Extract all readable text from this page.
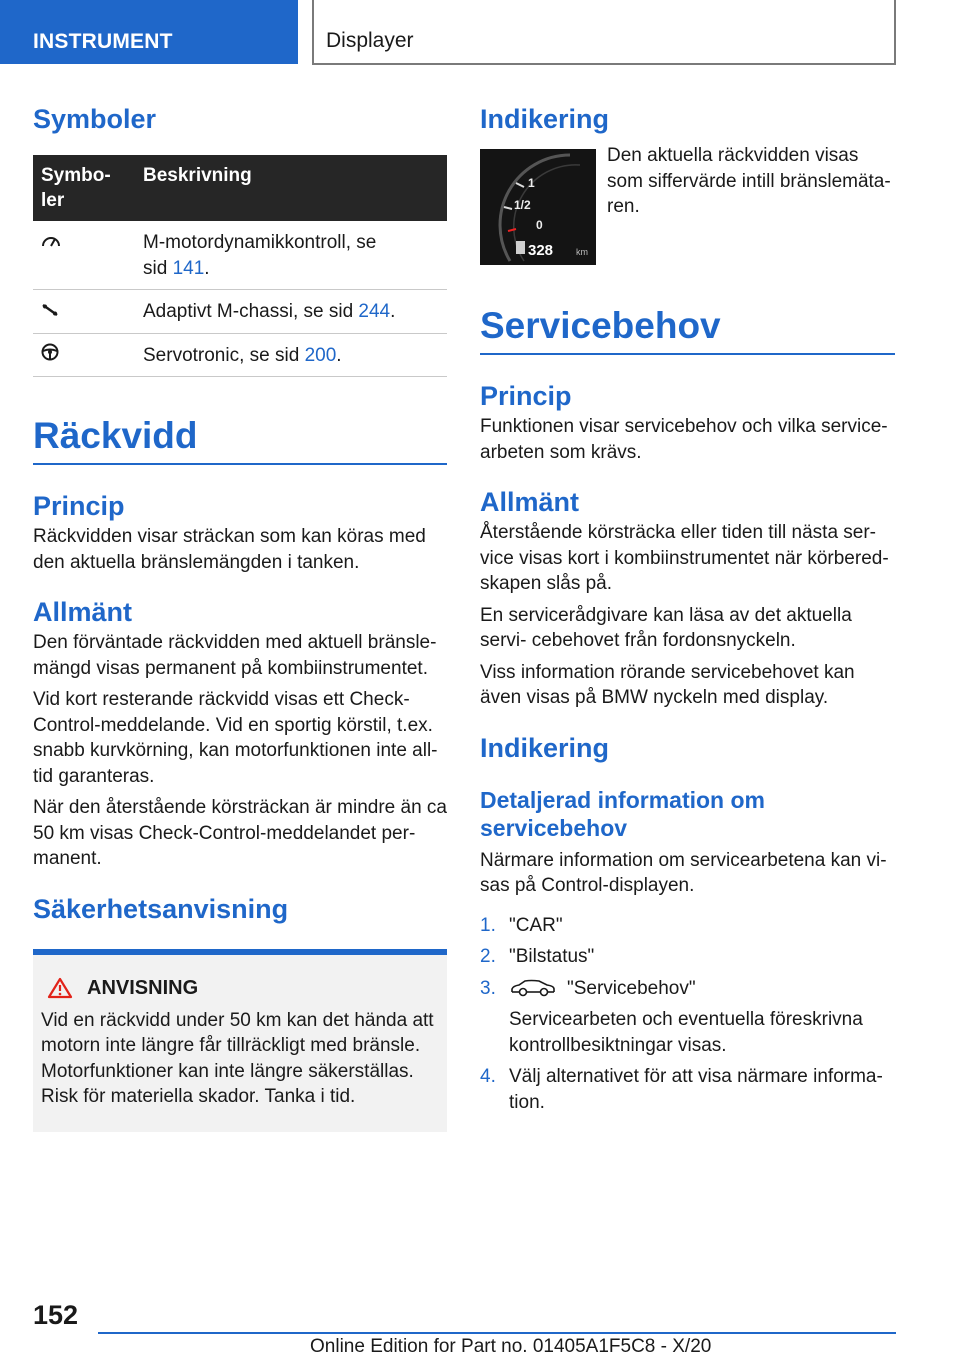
INSTRUMENT	Displayer
Symboler
Symbo‐
ler	Beskrivning
	M-motordynamikkontroll, se
sid 141.
	Adaptivt M-chassi, se sid 244.
	Servotronic, se sid 200.
Räckvidd
Princip

Räckvidden visar sträckan som kan köras med den aktuella bränslemängden i tanken.

Allmänt

Den förväntade räckvidden med aktuell bränsle‐ mängd visas permanent på kombiinstrumentet.

Vid kort resterande räckvidd visas ett Check- Control-meddelande. Vid en sportig körstil, t.ex. snabb kurvkörning, kan motorfunktionen inte all‐ tid garanteras.

När den återstående körsträckan är mindre än ca 50 km visas Check-Control-meddelandet per‐ manent.

Säkerhetsanvisning
ANVISNING

Vid en räckvidd under 50 km kan det hända att motorn inte längre får tillräckligt med bränsle. Motorfunktioner kan inte längre säkerställas. Risk för materiella skador. Tanka i tid.

Indikering
1
1/2
0
328	km

Den aktuella räckvidden visas som siffervärde intill bränslemäta‐ ren.

Servicebehov
Princip

Funktionen visar servicebehov och vilka service‐ arbeten som krävs.

Allmänt

Återstående körsträcka eller tiden till nästa ser‐ vice visas kort i kombiinstrumentet när körbered‐ skapen slås på.

En servicerådgivare kan läsa av det aktuella servi‐ cebehovet från fordonsnyckeln.

Viss information rörande servicebehovet kan även visas på BMW nyckeln med display.

Indikering
Detaljerad information om servicebehov

Närmare information om servicearbetena kan vi‐ sas på Control-displayen.

1. "CAR"
2. "Bilstatus"
3.	"Servicebehov"
Servicearbeten och eventuella föreskrivna kontrollbesiktningar visas.
4. Välj alternativet för att visa närmare informa‐ tion.
152
Online Edition for Part no. 01405A1F5C8 - X/20
